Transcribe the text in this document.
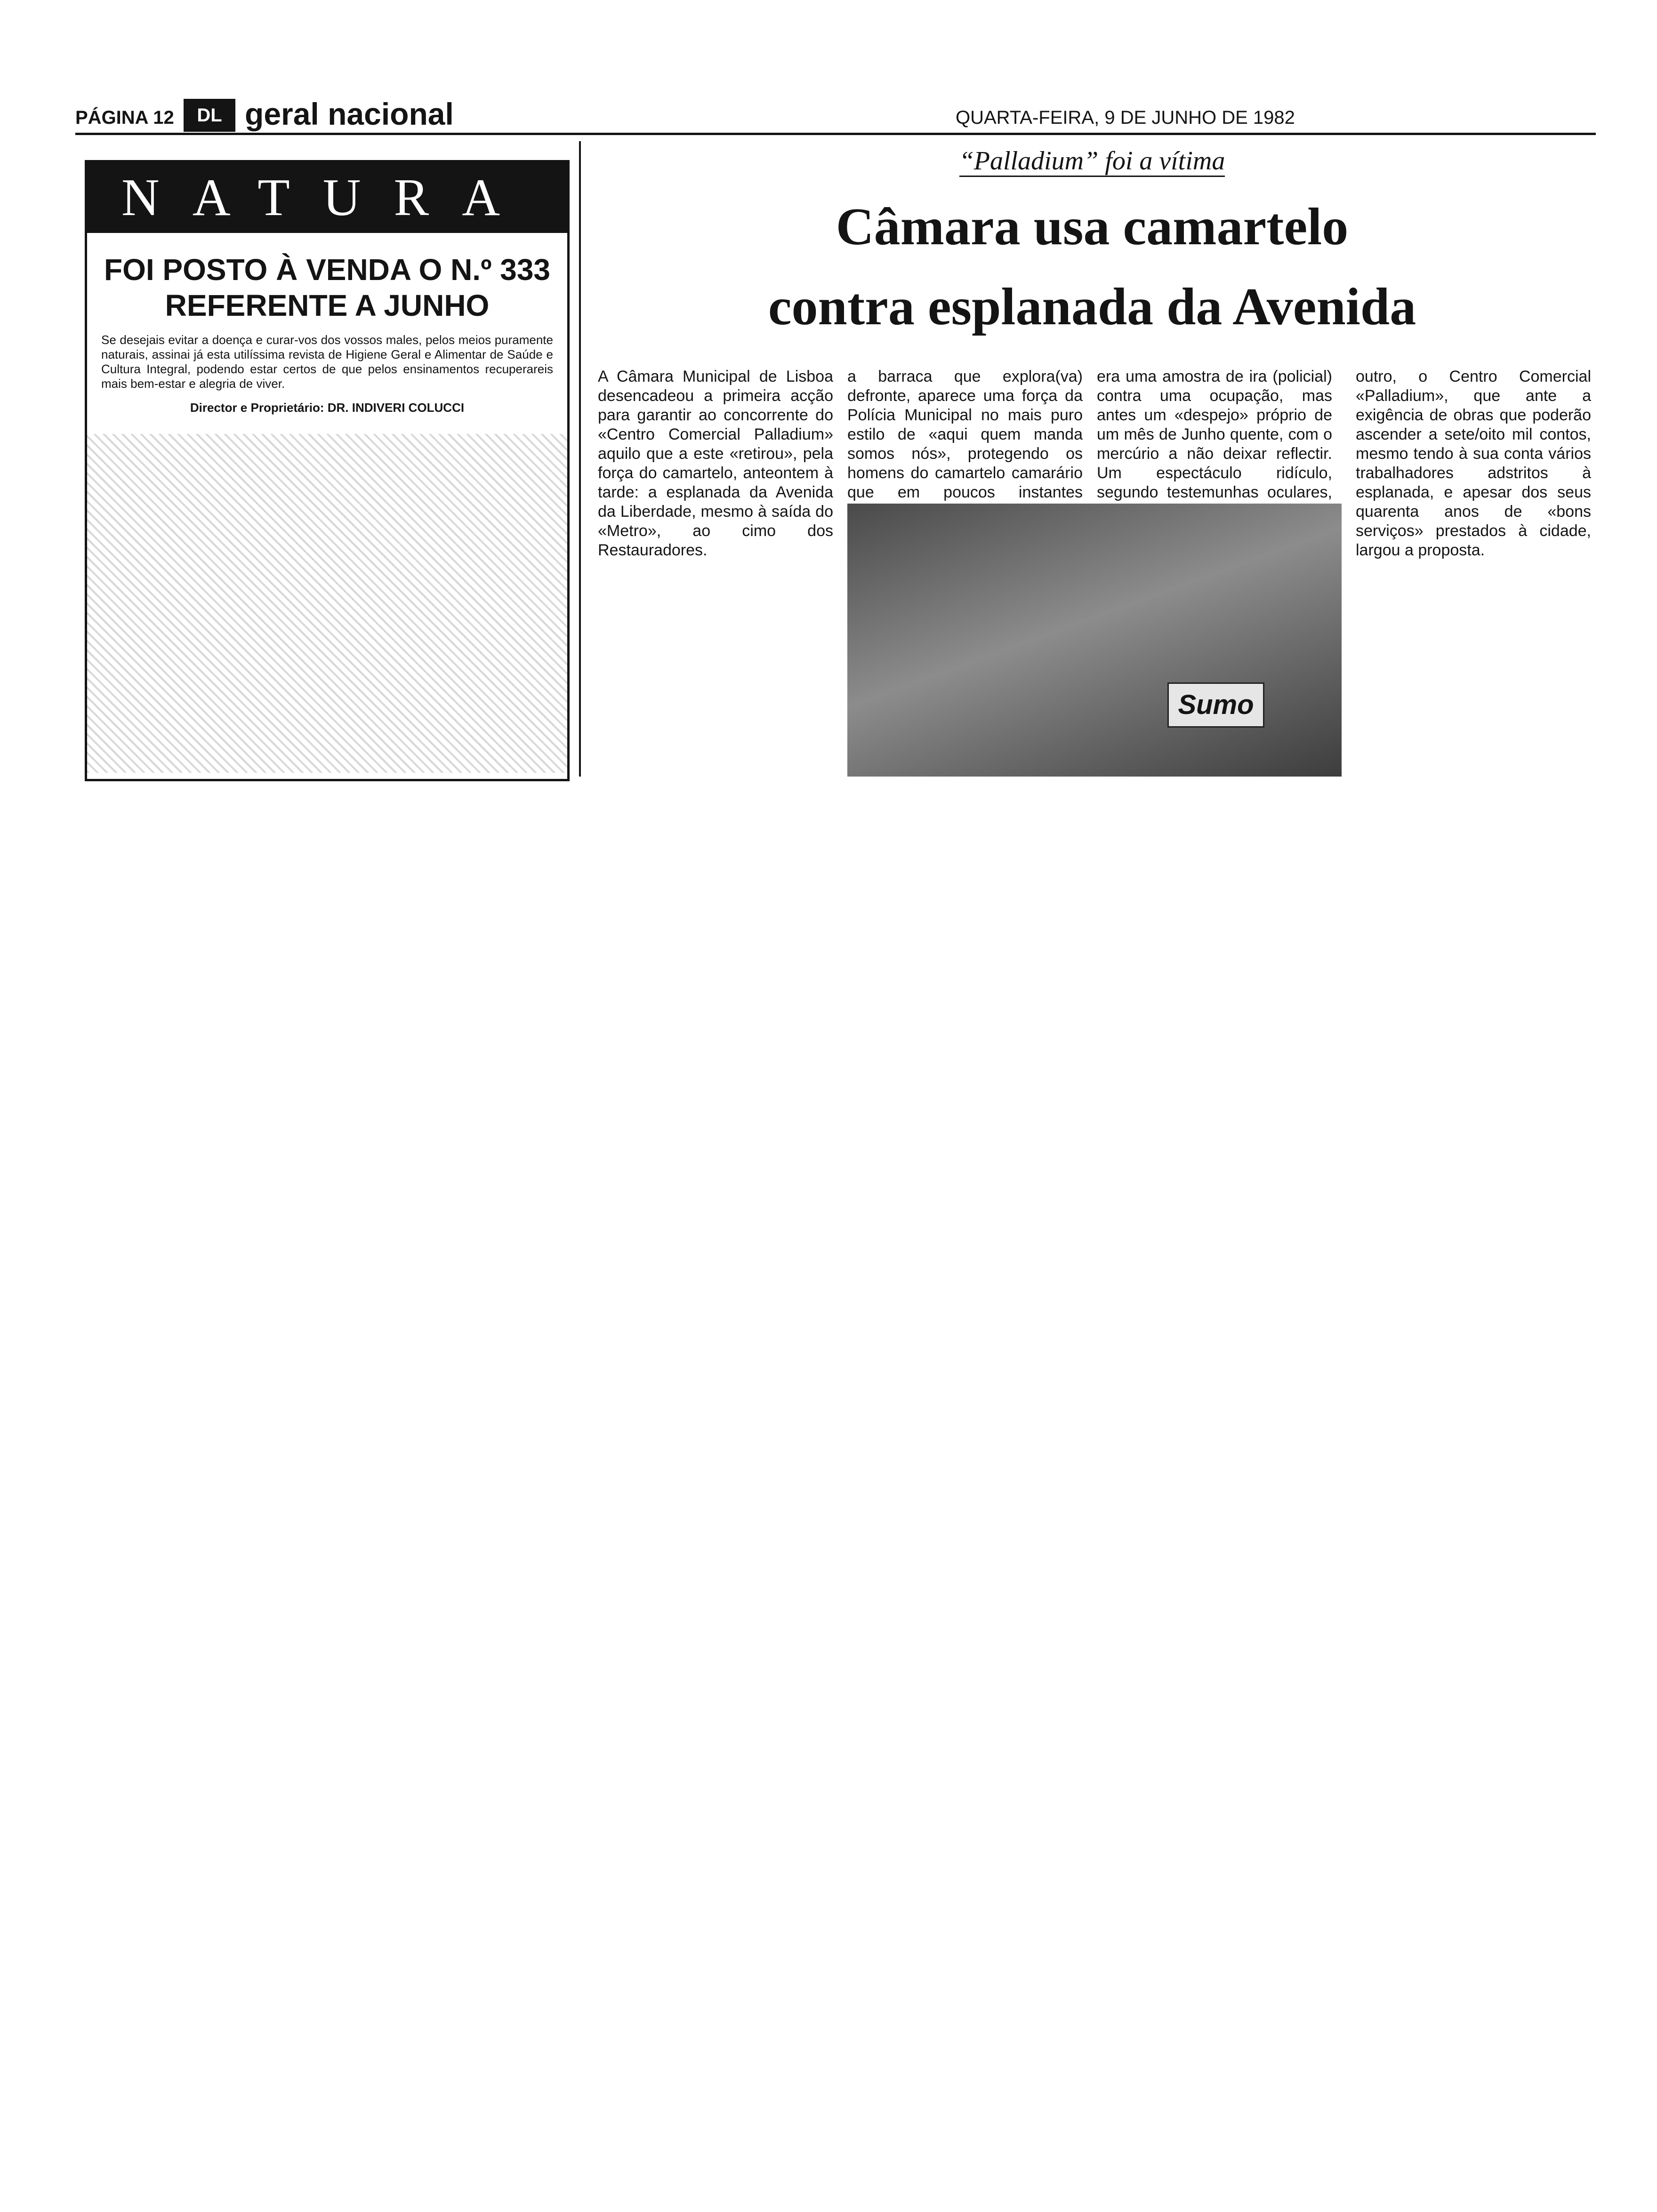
PÁGINA 12	DL geral nacional	QUARTA-FEIRA, 9 DE JUNHO DE 1982
NATURA
FOI POSTO À VENDA O N.º 333 REFERENTE A JUNHO
Se desejais evitar a doença e curar-vos dos vossos males, pelos meios puramente naturais, assinai já esta utilíssima revista de Higiene Geral e Alimentar de Saúde e Cultura Integral, podendo estar certos de que pelos ensinamentos recuperareis mais bem-estar e alegria de viver.
Director e Proprietário: DR. INDIVERI COLUCCI
“Palladium” foi a vítima
Câmara usa camartelo
contra esplanada da Avenida
A Câmara Municipal de Lisboa desencadeou a primeira acção para garantir ao concorrente do «Centro Comercial Palladium» aquilo que a este «retirou», pela força do camartelo, anteontem à tarde: a esplanada da Avenida da Liberdade, mesmo à saída do «Metro», ao cimo dos Restauradores.
a barraca que explora(va) defronte, aparece uma força da Polícia Municipal no mais puro estilo de «aqui quem manda somos nós», protegendo os homens do camartelo camarário que em poucos instantes
era uma amostra de ira (policial) contra uma ocupação, mas antes um «despejo» próprio de um mês de Junho quente, com o mercúrio a não deixar reflectir. Um espectáculo ridículo, segundo testemunhas oculares,
outro, o Centro Comercial «Palladium», que ante a exigência de obras que poderão ascender a sete/oito mil contos, mesmo tendo à sua conta vários trabalhadores adstritos à esplanada, e apesar dos seus quarenta anos de «bons serviços» prestados à cidade, largou a proposta.
Sumo
